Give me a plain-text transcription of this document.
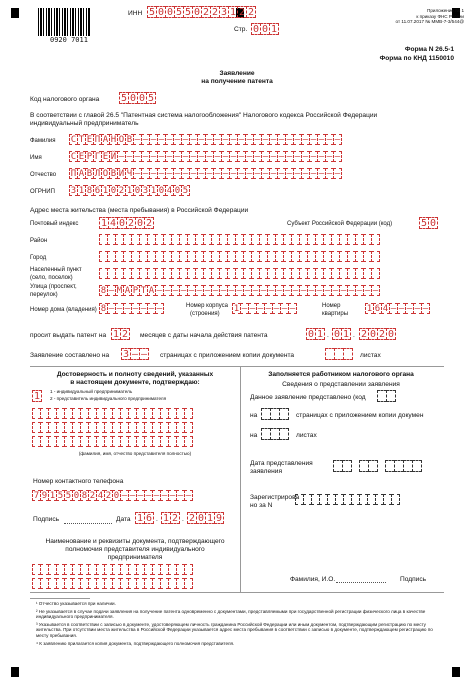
0920 7011
ИНН 5 0 0 5 5 0 2 2 3 1 2 2
Стр. 0 0 1
Приложение № 1
к приказу ФНС России
от 11.07.2017 № ММВ-7-3/544@
Форма N 26.5-1
Форма по КНД 1150010
Заявление
на получение патента
Код налогового органа 5 0 0 5
В соответствии с главой 26.5 "Патентная система налогообложения" Налогового кодекса Российской Федерации
индивидуальный предприниматель
Фамилия С Т Е П А Н О В – – – – – – – – – – – – – – – – – – – – – – – – – –
Имя	С Е Р Г Е Й – – – – – – – – – – – – – – – – – – – – – – – – – – – –
Отчество П А В Л О В И Ч – – – – – – – – – – – – – – – – – – – – – – – – – –
ОГРНИП 3 1 8 6 1 0 2 1 0 3 1 0 4 0 5
Адрес места жительства (места пребывания) в Российской Федерации
Почтовый индекс 1 4 0 2 0 2	Субъект Российской Федерации (код)	5 0
Район
Город
Населенный пункт
(село, поселок)
Улица (проспект,
переулок)	8 – М А Р Т А – – – – – – – – – – – – – – – – – – – – – – – – – – – –
Номер дома (владения) 8 – – – – – – –	Номер корпуса
(строения) 1 – – – – – – –	Номер
квартиры 1 6 4 – – – – –
просит выдать патент на 1 2	месяцев с даты начала действия патента	0 1 . 0 1 . 2 0 2 0
Заявление составлено на 3 – –	страницах с приложением копии документа	листах
Достоверность и полноту сведений, указанных
в настоящем документе, подтверждаю:
1	1 - индивидуальный предприниматель
2 - представитель индивидуального предпринимателя
(фамилия, имя, отчество представителя полностью)
Номер контактного телефона
7 9 1 5 5 0 8 2 4 2 0 – – – – – – – – –
Подпись	Дата 1 6 . 1 2 . 2 0 1 9
Наименование и реквизиты документа, подтверждающего
полномочия представителя индивидуального
предпринимателя
Заполняется работником налогового органа
Сведения о представлении заявления
Данное заявление представлено (код
на	страницах с приложением копии докумен
на	листах
Дата представления
заявления
Зарегистрирова
но за N
Фамилия, И.О.	Подпись
¹ Отчество указывается при наличии.
² Не указывается в случае подачи заявления на получение патента одновременно с документами, представляемыми при государственной регистрации физического лица в качестве индивидуального предпринимателя.
³ Указывается в соответствии с записью в документе, удостоверяющем личность гражданина Российской Федерации или иным документом, подтверждающим регистрацию по месту жительства. При отсутствии места жительства в Российской Федерации указывается адрес места пребывания в соответствии с записью в документе, подтверждающем регистрацию по месту пребывания.
⁴ К заявлению прилагается копия документа, подтверждающего полномочия представителя.
